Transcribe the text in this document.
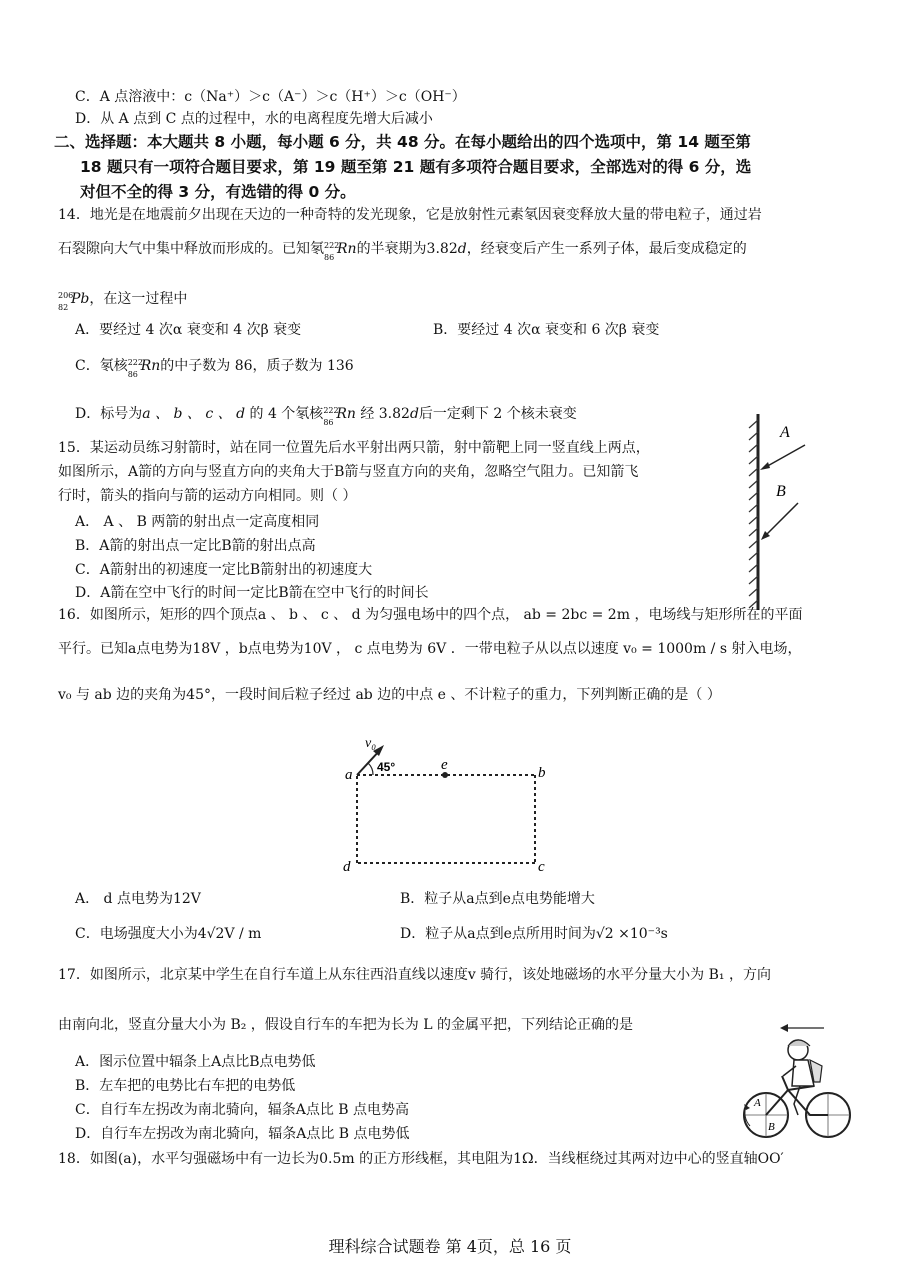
C．A 点溶液中：c（Na⁺）＞c（A⁻）＞c（H⁺）＞c（OH⁻）
D．从 A 点到 C 点的过程中，水的电离程度先增大后减小
二、选择题：本大题共 8 小题，每小题 6 分，共 48 分。在每小题给出的四个选项中，第 14 题至第
18 题只有一项符合题目要求，第 19 题至第 21 题有多项符合题目要求，全部选对的得 6 分，选
对但不全的得 3 分，有选错的得 0 分。
14．地光是在地震前夕出现在天边的一种奇特的发光现象，它是放射性元素氡因衰变释放大量的带电粒子，通过岩
石裂隙向大气中集中释放而形成的。已知氡 222
86
Rn的半衰期为3.82d，经衰变后产生一系列子体，最后变成稳定的
206
82
Pb，在这一过程中
A．要经过 4 次α 衰变和 4 次β 衰变	B．要经过 4 次α 衰变和 6 次β 衰变
C．氡核 222
86
Rn的中子数为 86，质子数为 136
D．标号为a 、 b 、 c 、 d 的 4 个氡核 222
86
Rn 经 3.82d后一定剩下 2 个核未衰变
15．某运动员练习射箭时，站在同一位置先后水平射出两只箭，射中箭靶上同一竖直线上两点，
如图所示，A箭的方向与竖直方向的夹角大于B箭与竖直方向的夹角，忽略空气阻力。已知箭飞
行时，箭头的指向与箭的运动方向相同。则（ ）
A． A 、 B 两箭的射出点一定高度相同
B．A箭的射出点一定比B箭的射出点高
C．A箭射出的初速度一定比B箭射出的初速度大
D．A箭在空中飞行的时间一定比B箭在空中飞行的时间长
A
B
16．如图所示，矩形的四个顶点a 、 b 、 c 、 d 为匀强电场中的四个点， ab = 2bc = 2m ，电场线与矩形所在的平面
平行。已知a点电势为18V ，b点电势为10V ， c 点电势为 6V ．一带电粒子从以点以速度 v₀ = 1000m / s 射入电场，
v₀ 与 ab 边的夹角为45°，一段时间后粒子经过 ab 边的中点 e 、不计粒子的重力，下列判断正确的是（ ）
v₀
45°
a
e	b
c
d
A． d 点电势为12V	B．粒子从a点到e点电势能增大
C．电场强度大小为4√2V / m	D．粒子从a点到e点所用时间为√2 ×10⁻³s
17．如图所示，北京某中学生在自行车道上从东往西沿直线以速度v 骑行，该处地磁场的水平分量大小为 B₁ ，方向
由南向北，竖直分量大小为 B₂ ，假设自行车的车把为长为 L 的金属平把，下列结论正确的是
A．图示位置中辐条上A点比B点电势低
B．左车把的电势比右车把的电势低
C．自行车左拐改为南北骑向，辐条A点比 B 点电势高
D．自行车左拐改为南北骑向，辐条A点比 B 点电势低
A
B
18．如图(a)，水平匀强磁场中有一边长为0.5m 的正方形线框，其电阻为1Ω．当线框绕过其两对边中心的竖直轴OO′
理科综合试题卷 第 4页，总 16 页
